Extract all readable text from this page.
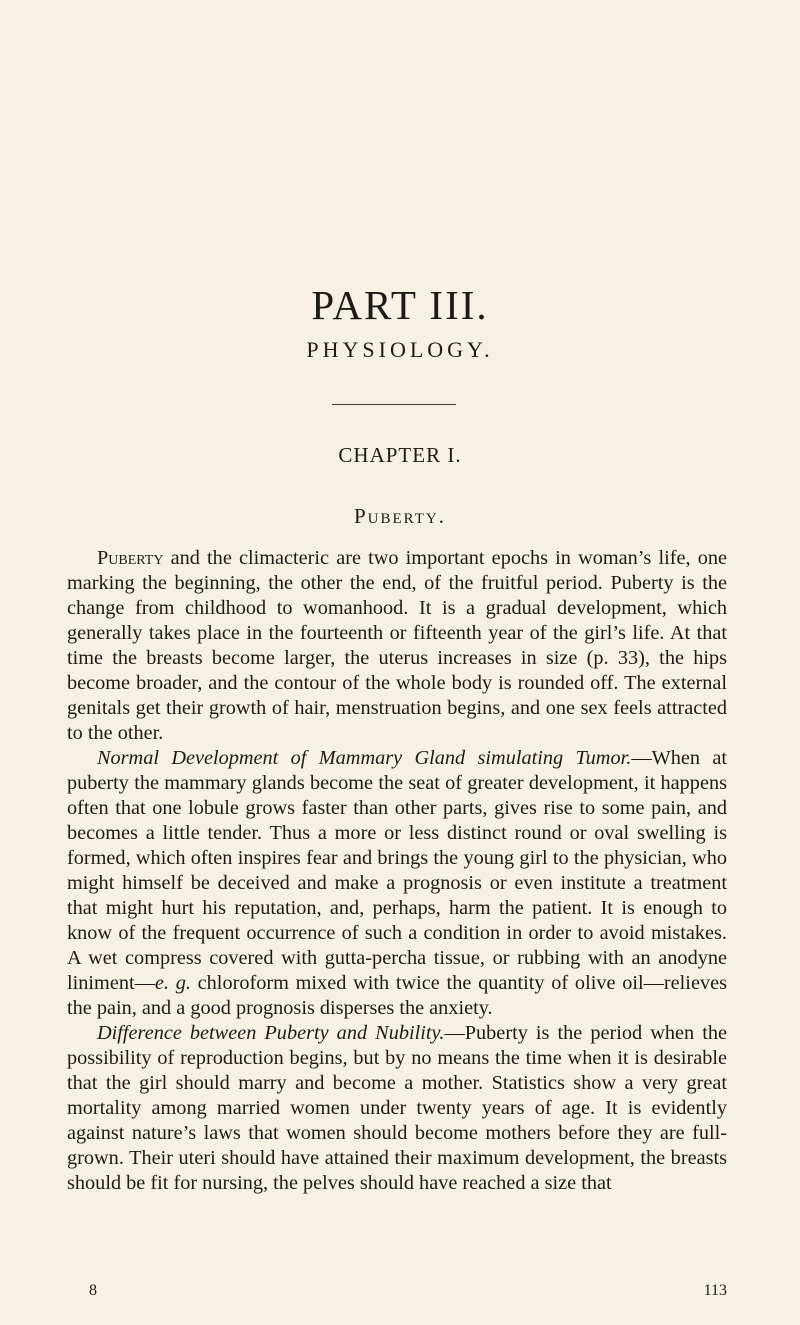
PART III.
PHYSIOLOGY.
CHAPTER I.
Puberty.

Puberty and the climacteric are two important epochs in woman’s life, one marking the beginning, the other the end, of the fruitful period. Puberty is the change from childhood to womanhood. It is a gradual development, which generally takes place in the fourteenth or fifteenth year of the girl’s life. At that time the breasts become larger, the uterus increases in size (p. 33), the hips become broader, and the contour of the whole body is rounded off. The external genitals get their growth of hair, menstruation begins, and one sex feels attracted to the other.

Normal Development of Mammary Gland simulating Tumor.—When at puberty the mammary glands become the seat of greater development, it happens often that one lobule grows faster than other parts, gives rise to some pain, and becomes a little tender. Thus a more or less distinct round or oval swelling is formed, which often inspires fear and brings the young girl to the physician, who might himself be deceived and make a prognosis or even institute a treatment that might hurt his reputation, and, perhaps, harm the patient. It is enough to know of the frequent occurrence of such a condition in order to avoid mistakes. A wet compress covered with gutta-percha tissue, or rubbing with an anodyne liniment—e. g. chloroform mixed with twice the quantity of olive oil—relieves the pain, and a good prognosis disperses the anxiety.

Difference between Puberty and Nubility.—Puberty is the period when the possibility of reproduction begins, but by no means the time when it is desirable that the girl should marry and become a mother. Statistics show a very great mortality among married women under twenty years of age. It is evidently against nature’s laws that women should become mothers before they are full-grown. Their uteri should have attained their maximum development, the breasts should be fit for nursing, the pelves should have reached a size that

8	113
